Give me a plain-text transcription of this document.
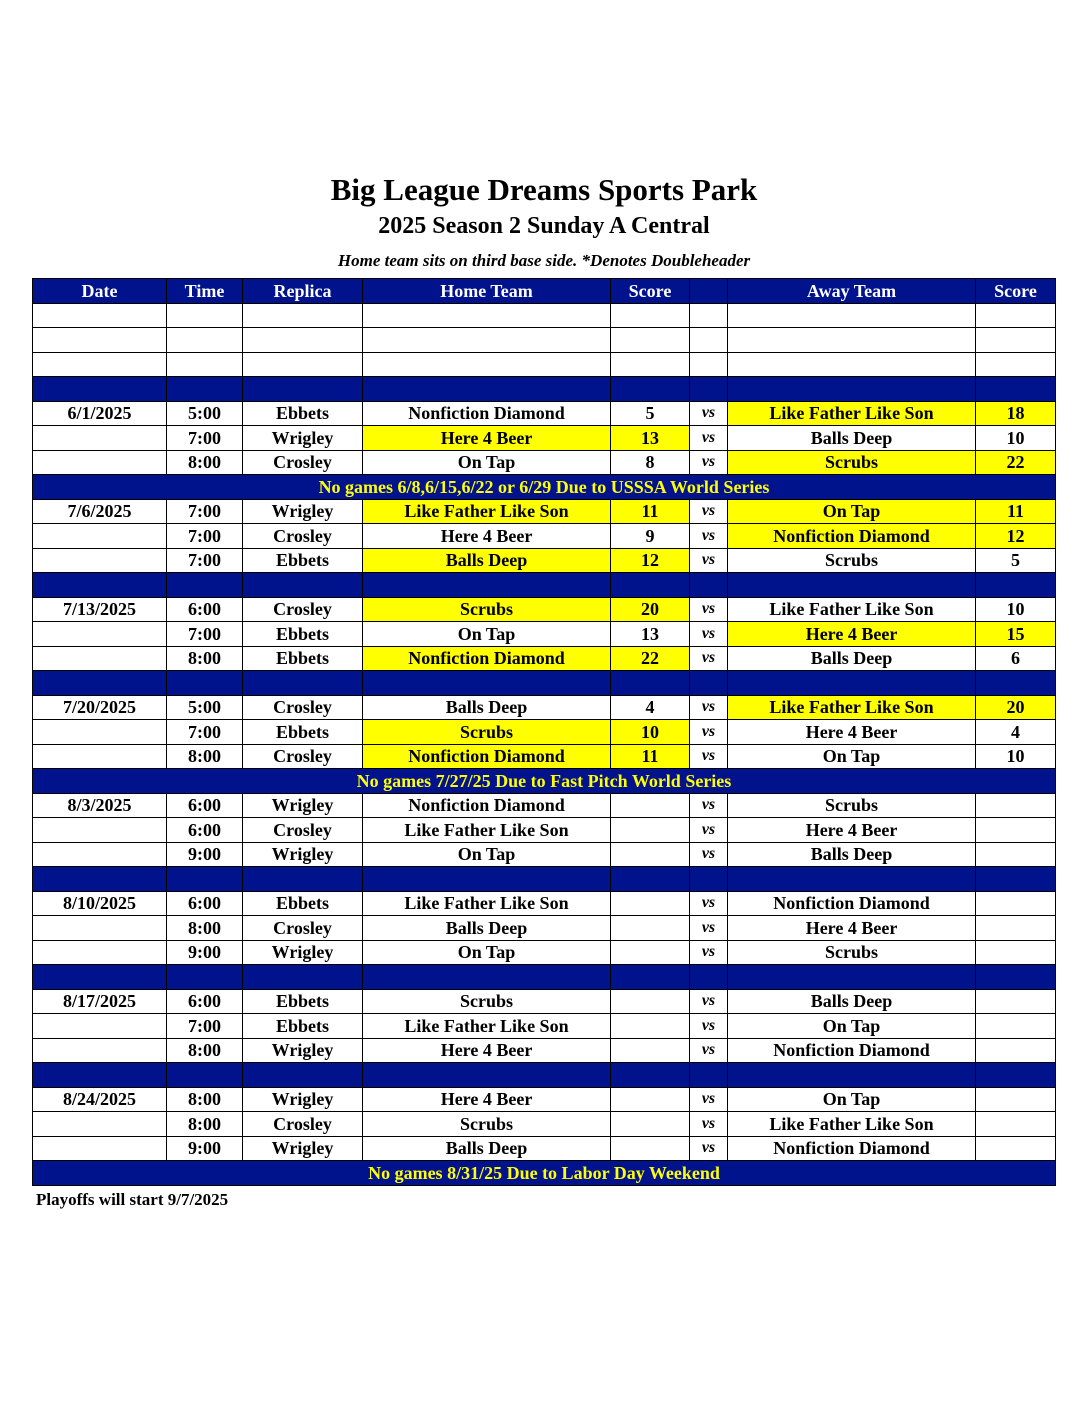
Big League Dreams Sports Park
2025 Season 2 Sunday A Central
Home team sits on third base side. *Denotes Doubleheader
Date	Time	Replica	Home Team	Score		Away Team	Score

6/1/2025	5:00	Ebbets	Nonfiction Diamond	5	vs	Like Father Like Son	18
	7:00	Wrigley	Here 4 Beer	13	vs	Balls Deep	10
	8:00	Crosley	On Tap	8	vs	Scrubs	22
No games 6/8,6/15,6/22 or 6/29 Due to USSSA World Series							
7/6/2025	7:00	Wrigley	Like Father Like Son	11	vs	On Tap	11
	7:00	Crosley	Here 4 Beer	9	vs	Nonfiction Diamond	12
	7:00	Ebbets	Balls Deep	12	vs	Scrubs	5

7/13/2025	6:00	Crosley	Scrubs	20	vs	Like Father Like Son	10
	7:00	Ebbets	On Tap	13	vs	Here 4 Beer	15
	8:00	Ebbets	Nonfiction Diamond	22	vs	Balls Deep	6

7/20/2025	5:00	Crosley	Balls Deep	4	vs	Like Father Like Son	20
	7:00	Ebbets	Scrubs	10	vs	Here 4 Beer	4
	8:00	Crosley	Nonfiction Diamond	11	vs	On Tap	10
No games 7/27/25 Due to Fast Pitch World Series							
8/3/2025	6:00	Wrigley	Nonfiction Diamond		vs	Scrubs	
	6:00	Crosley	Like Father Like Son		vs	Here 4 Beer	
	9:00	Wrigley	On Tap		vs	Balls Deep	

8/10/2025	6:00	Ebbets	Like Father Like Son		vs	Nonfiction Diamond	
	8:00	Crosley	Balls Deep		vs	Here 4 Beer	
	9:00	Wrigley	On Tap		vs	Scrubs	

8/17/2025	6:00	Ebbets	Scrubs		vs	Balls Deep	
	7:00	Ebbets	Like Father Like Son		vs	On Tap	
	8:00	Wrigley	Here 4 Beer		vs	Nonfiction Diamond	

8/24/2025	8:00	Wrigley	Here 4 Beer		vs	On Tap	
	8:00	Crosley	Scrubs		vs	Like Father Like Son	
	9:00	Wrigley	Balls Deep		vs	Nonfiction Diamond	
No games 8/31/25 Due to Labor Day Weekend							
Playoffs will start 9/7/2025
